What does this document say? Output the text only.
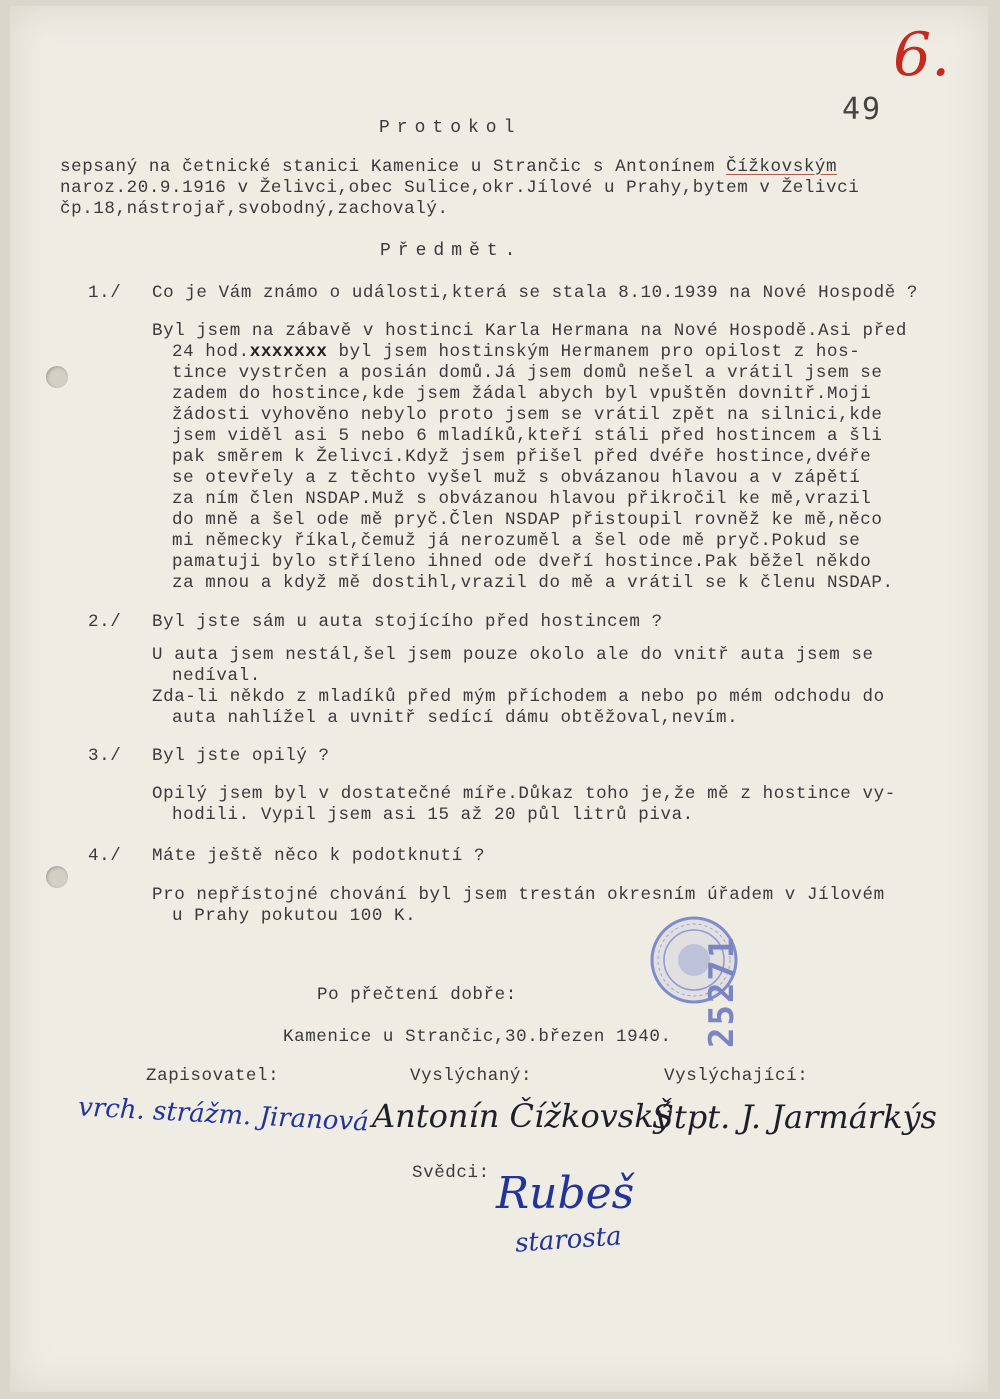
6.
49
Protokol
sepsaný na četnické stanici Kamenice u Strančic s Antonínem Čížkovským
naroz.20.9.1916 v Želivci,obec Sulice,okr.Jílové u Prahy,bytem v Želivci
čp.18,nástrojař,svobodný,zachovalý.
Předmět.
1./ Co je Vám známo o události,která se stala 8.10.1939 na Nové Hospodě ?
Byl jsem na zábavě v hostinci Karla Hermana na Nové Hospodě.Asi před
24 hod.xxxxxxx byl jsem hostinským Hermanem pro opilost z hos-
tince vystrčen a posián domů.Já jsem domů nešel a vrátil jsem se
zadem do hostince,kde jsem žádal abych byl vpuštěn dovnitř.Moji
žádosti vyhověno nebylo proto jsem se vrátil zpět na silnici,kde
jsem viděl asi 5 nebo 6 mladíků,kteří stáli před hostincem a šli
pak směrem k Želivci.Když jsem přišel před dvéře hostince,dvéře
se otevřely a z těchto vyšel muž s obvázanou hlavou a v zápětí
za ním člen NSDAP.Muž s obvázanou hlavou přikročil ke mě,vrazil
do mně a šel ode mě pryč.Člen NSDAP přistoupil rovněž ke mě,něco
mi německy říkal,čemuž já nerozuměl a šel ode mě pryč.Pokud se
pamatuji bylo stříleno ihned ode dveří hostince.Pak běžel někdo
za mnou a když mě dostihl,vrazil do mě a vrátil se k členu NSDAP.
2./ Byl jste sám u auta stojícího před hostincem ?
U auta jsem nestál,šel jsem pouze okolo ale do vnitř auta jsem se
nedíval.
Zda-li někdo z mladíků před mým příchodem a nebo po mém odchodu do
auta nahlížel a uvnitř sedící dámu obtěžoval,nevím.
3./ Byl jste opilý ?
Opilý jsem byl v dostatečné míře.Důkaz toho je,že mě z hostince vy-
hodili. Vypil jsem asi 15 až 20 půl litrů piva.
4./ Máte ještě něco k podotknutí ?
Pro nepřístojné chování byl jsem trestán okresním úřadem v Jílovém
u Prahy pokutou 100 K.
Po přečtení dobře:
Kamenice u Strančic,30.březen 1940. 25271
Zapisovatel:	Vyslýchaný:	Vyslýchající:
vrch. strážm. Jiranová Antonín Čížkovský
Štpt. J. Jarmárkýs
Svědci: Rubeš
starosta
